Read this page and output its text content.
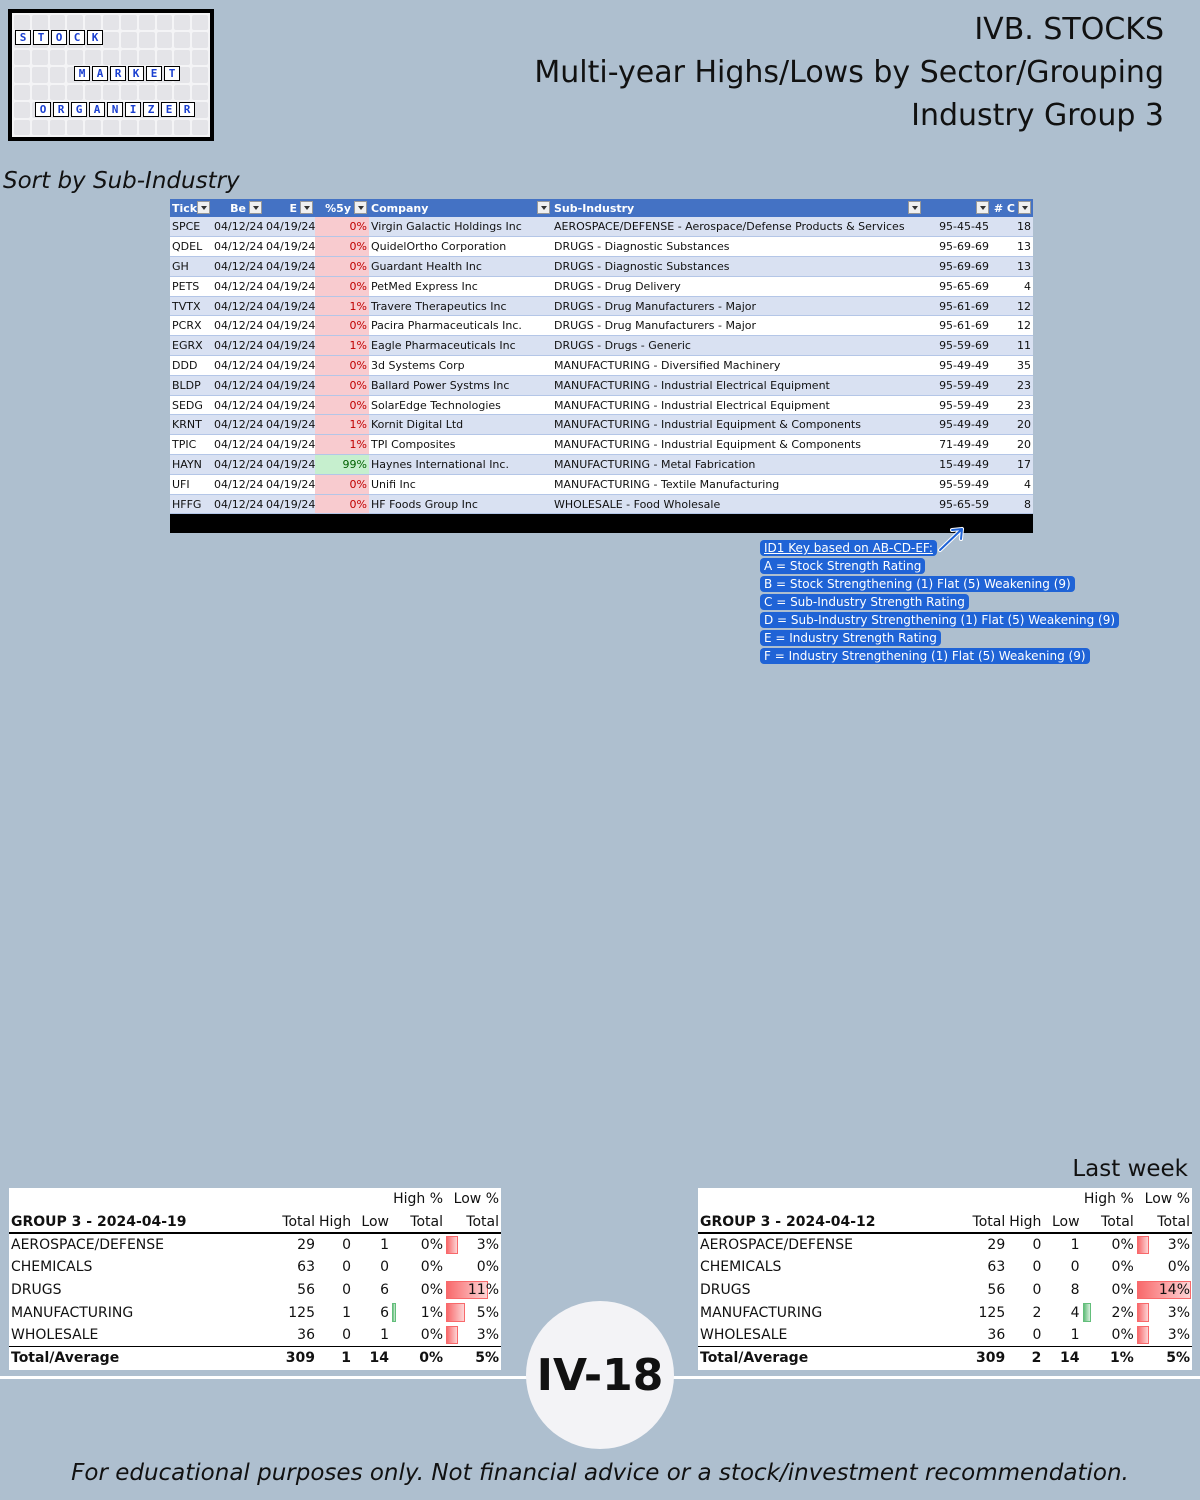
S	T	O	C	K
M	A	R	K	E	T
O	R	G	A	N	I	Z	E	R
IVB. STOCKS
Multi-year Highs/Lows by Sector/Grouping
Industry Group 3
Sort by Sub-Industry
Tick	Be	E	%5y	Company	Sub-Industry		# C

SPCE	04/12/24	04/19/24	0%	Virgin Galactic Holdings Inc	AEROSPACE/DEFENSE - Aerospace/Defense Products & Services	95-45-45	18
QDEL	04/12/24	04/19/24	0%	QuidelOrtho Corporation	DRUGS - Diagnostic Substances	95-69-69	13
GH	04/12/24	04/19/24	0%	Guardant Health Inc	DRUGS - Diagnostic Substances	95-69-69	13
PETS	04/12/24	04/19/24	0%	PetMed Express Inc	DRUGS - Drug Delivery	95-65-69	4
TVTX	04/12/24	04/19/24	1%	Travere Therapeutics Inc	DRUGS - Drug Manufacturers - Major	95-61-69	12
PCRX	04/12/24	04/19/24	0%	Pacira Pharmaceuticals Inc.	DRUGS - Drug Manufacturers - Major	95-61-69	12
EGRX	04/12/24	04/19/24	1%	Eagle Pharmaceuticals Inc	DRUGS - Drugs - Generic	95-59-69	11
DDD	04/12/24	04/19/24	0%	3d Systems Corp	MANUFACTURING - Diversified Machinery	95-49-49	35
BLDP	04/12/24	04/19/24	0%	Ballard Power Systms Inc	MANUFACTURING - Industrial Electrical Equipment	95-59-49	23
SEDG	04/12/24	04/19/24	0%	SolarEdge Technologies	MANUFACTURING - Industrial Electrical Equipment	95-59-49	23
KRNT	04/12/24	04/19/24	1%	Kornit Digital Ltd	MANUFACTURING - Industrial Equipment & Components	95-49-49	20
TPIC	04/12/24	04/19/24	1%	TPI Composites	MANUFACTURING - Industrial Equipment & Components	71-49-49	20
HAYN	04/12/24	04/19/24	99%	Haynes International Inc.	MANUFACTURING - Metal Fabrication	15-49-49	17
UFI	04/12/24	04/19/24	0%	Unifi Inc	MANUFACTURING - Textile Manufacturing	95-59-49	4
HFFG	04/12/24	04/19/24	0%	HF Foods Group Inc	WHOLESALE - Food Wholesale	95-65-59	8

ID1 Key based on AB-CD-EF:
A = Stock Strength Rating
B = Stock Strengthening (1) Flat (5) Weakening (9)
C = Sub-Industry Strength Rating
D = Sub-Industry Strengthening (1) Flat (5) Weakening (9)
E = Industry Strength Rating
F = Industry Strengthening (1) Flat (5) Weakening (9)
				High %	Low %
GROUP 3 - 2024-04-19	Total	High	Low	Total	Total
AEROSPACE/DEFENSE	29	0	1	0%	3%
CHEMICALS	63	0	0	0%	0%
DRUGS	56	0	6	0%	11%
MANUFACTURING	125	1	6	1%	5%
WHOLESALE	36	0	1	0%	3%
Total/Average	309	1	14	0%	5%
Last week
				High %	Low %
GROUP 3 - 2024-04-12	Total	High	Low	Total	Total
AEROSPACE/DEFENSE	29	0	1	0%	3%
CHEMICALS	63	0	0	0%	0%
DRUGS	56	0	8	0%	14%
MANUFACTURING	125	2	4	2%	3%
WHOLESALE	36	0	1	0%	3%
Total/Average	309	2	14	1%	5%
IV-18
For educational purposes only. Not financial advice or a stock/investment recommendation.
